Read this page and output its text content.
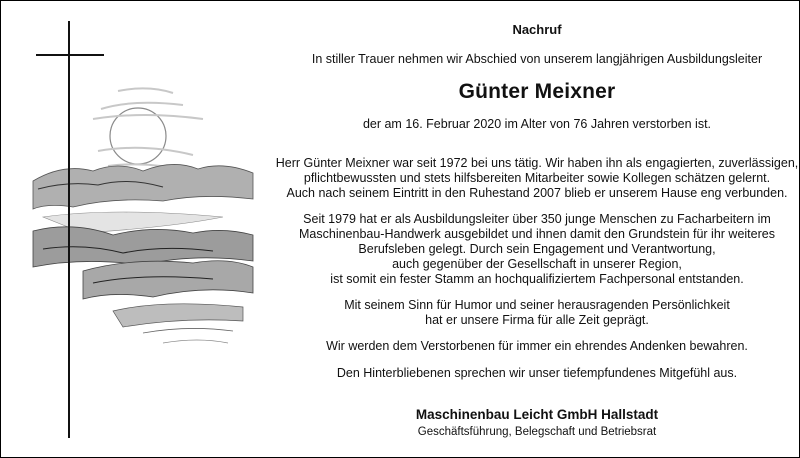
Nachruf
In stiller Trauer nehmen wir Abschied von unserem langjährigen Ausbildungsleiter
Günter Meixner
der am 16. Februar 2020 im Alter von 76 Jahren verstorben ist.
Herr Günter Meixner war seit 1972 bei uns tätig. Wir haben ihn als engagierten, zuverlässigen,
pflichtbewussten und stets hilfsbereiten Mitarbeiter sowie Kollegen schätzen gelernt.
Auch nach seinem Eintritt in den Ruhestand 2007 blieb er unserem Hause eng verbunden.
Seit 1979 hat er als Ausbildungsleiter über 350 junge Menschen zu Facharbeitern im
Maschinenbau-Handwerk ausgebildet und ihnen damit den Grundstein für ihr weiteres
Berufsleben gelegt. Durch sein Engagement und Verantwortung,
auch gegenüber der Gesellschaft in unserer Region,
ist somit ein fester Stamm an hochqualifiziertem Fachpersonal entstanden.
Mit seinem Sinn für Humor und seiner herausragenden Persönlichkeit
hat er unsere Firma für alle Zeit geprägt.
Wir werden dem Verstorbenen für immer ein ehrendes Andenken bewahren.
Den Hinterbliebenen sprechen wir unser tiefempfundenes Mitgefühl aus.
Maschinenbau Leicht GmbH Hallstadt
Geschäftsführung, Belegschaft und Betriebsrat
